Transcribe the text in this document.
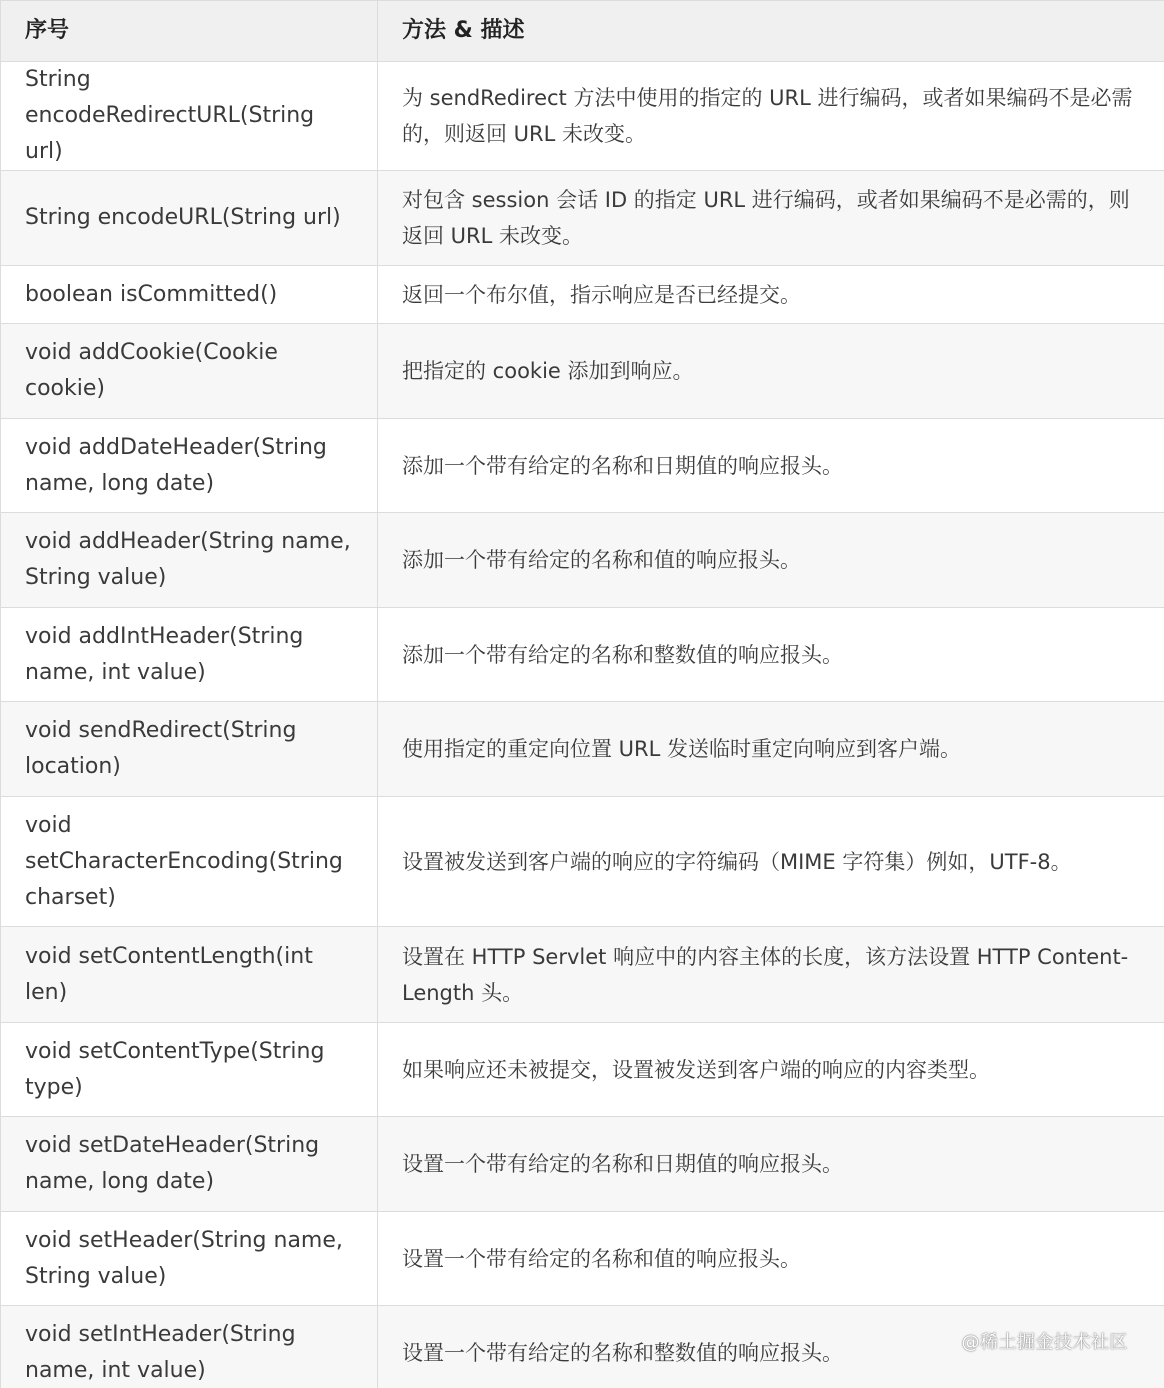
序号	方法 & 描述
String encodeRedirectURL(String url)	为 sendRedirect 方法中使用的指定的 URL 进行编码，或者如果编码不是必需的，则返回 URL 未改变。
String encodeURL(String url)	对包含 session 会话 ID 的指定 URL 进行编码，或者如果编码不是必需的，则返回 URL 未改变。
boolean isCommitted()	返回一个布尔值，指示响应是否已经提交。
void addCookie(Cookie cookie)	把指定的 cookie 添加到响应。
void addDateHeader(String name, long date)	添加一个带有给定的名称和日期值的响应报头。
void addHeader(String name, String value)	添加一个带有给定的名称和值的响应报头。
void addIntHeader(String name, int value)	添加一个带有给定的名称和整数值的响应报头。
void sendRedirect(String location)	使用指定的重定向位置 URL 发送临时重定向响应到客户端。
void setCharacterEncoding(String charset)	设置被发送到客户端的响应的字符编码（MIME 字符集）例如，UTF-8。
void setContentLength(int len)	设置在 HTTP Servlet 响应中的内容主体的长度，该方法设置 HTTP Content-Length 头。
void setContentType(String type)	如果响应还未被提交，设置被发送到客户端的响应的内容类型。
void setDateHeader(String name, long date)	设置一个带有给定的名称和日期值的响应报头。
void setHeader(String name, String value)	设置一个带有给定的名称和值的响应报头。
void setIntHeader(String name, int value)	设置一个带有给定的名称和整数值的响应报头。	@稀土掘金技术社区
